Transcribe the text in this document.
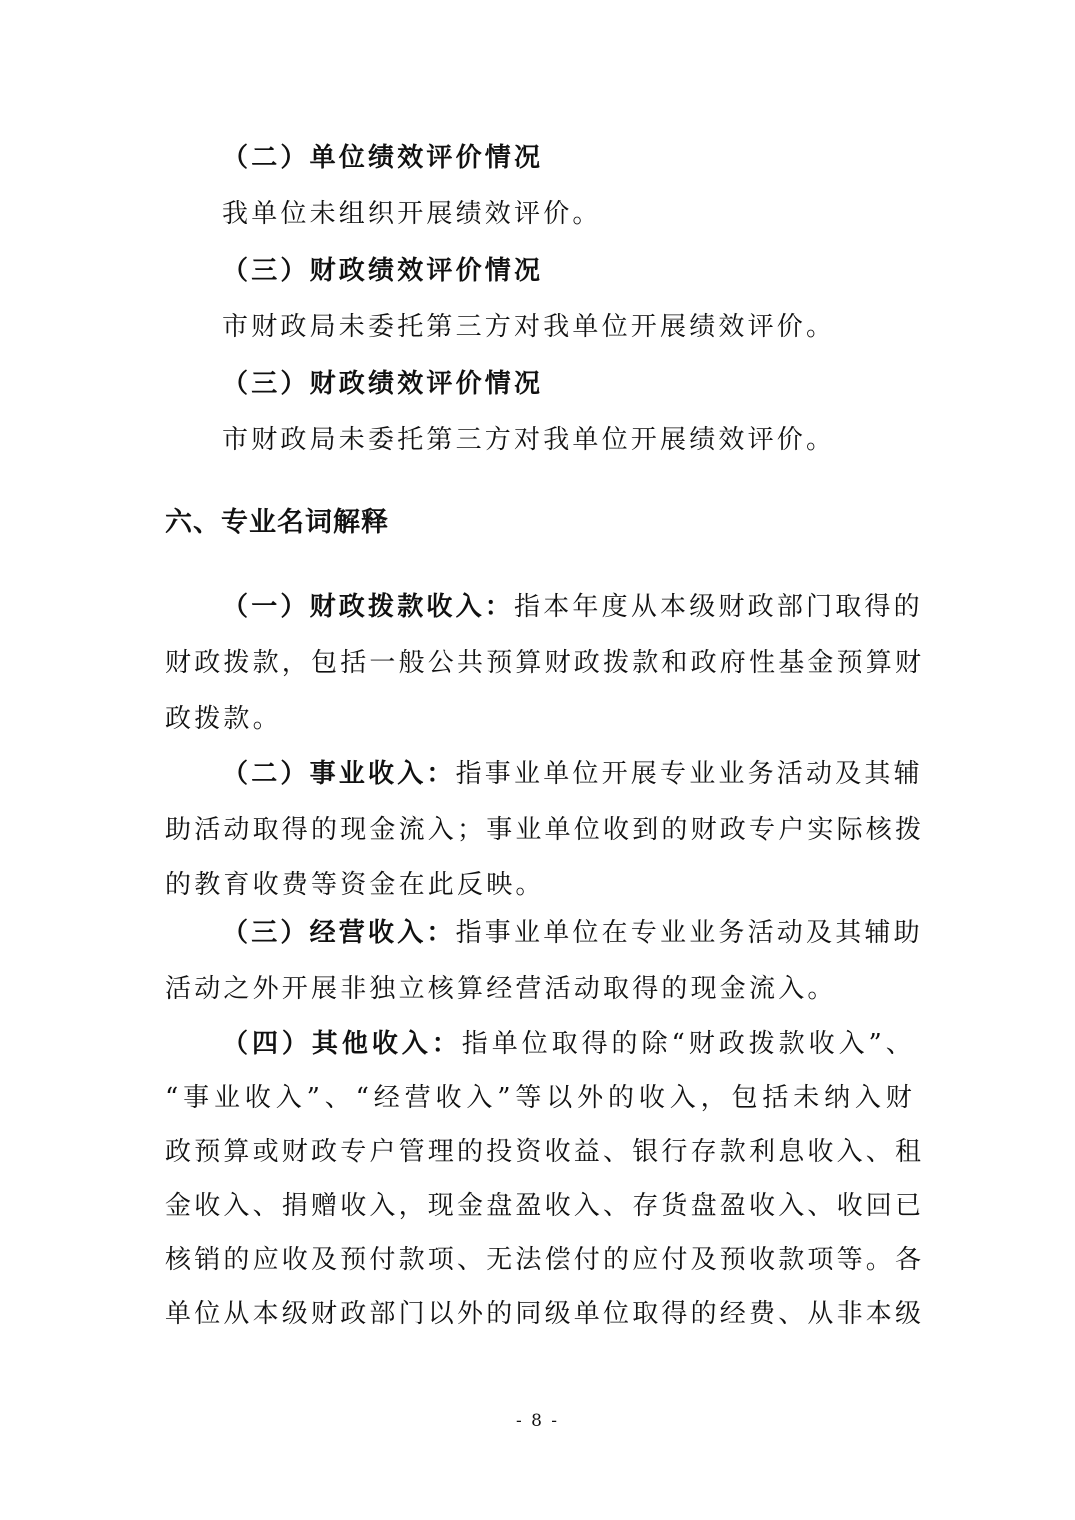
（二）单位绩效评价情况
我单位未组织开展绩效评价。
（三）财政绩效评价情况
市财政局未委托第三方对我单位开展绩效评价。
（三）财政绩效评价情况
市财政局未委托第三方对我单位开展绩效评价。
六、专业名词解释
（一）财政拨款收入：指本年度从本级财政部门取得的
财政拨款，包括一般公共预算财政拨款和政府性基金预算财
政拨款。
（二）事业收入：指事业单位开展专业业务活动及其辅
助活动取得的现金流入；事业单位收到的财政专户实际核拨
的教育收费等资金在此反映。
（三）经营收入：指事业单位在专业业务活动及其辅助
活动之外开展非独立核算经营活动取得的现金流入。
（四）其他收入：指单位取得的除“财政拨款收入”、
“事业收入”、“经营收入”等以外的收入，包括未纳入财
政预算或财政专户管理的投资收益、银行存款利息收入、租
金收入、捐赠收入，现金盘盈收入、存货盘盈收入、收回已
核销的应收及预付款项、无法偿付的应付及预收款项等。各
单位从本级财政部门以外的同级单位取得的经费、从非本级
- 8 -
